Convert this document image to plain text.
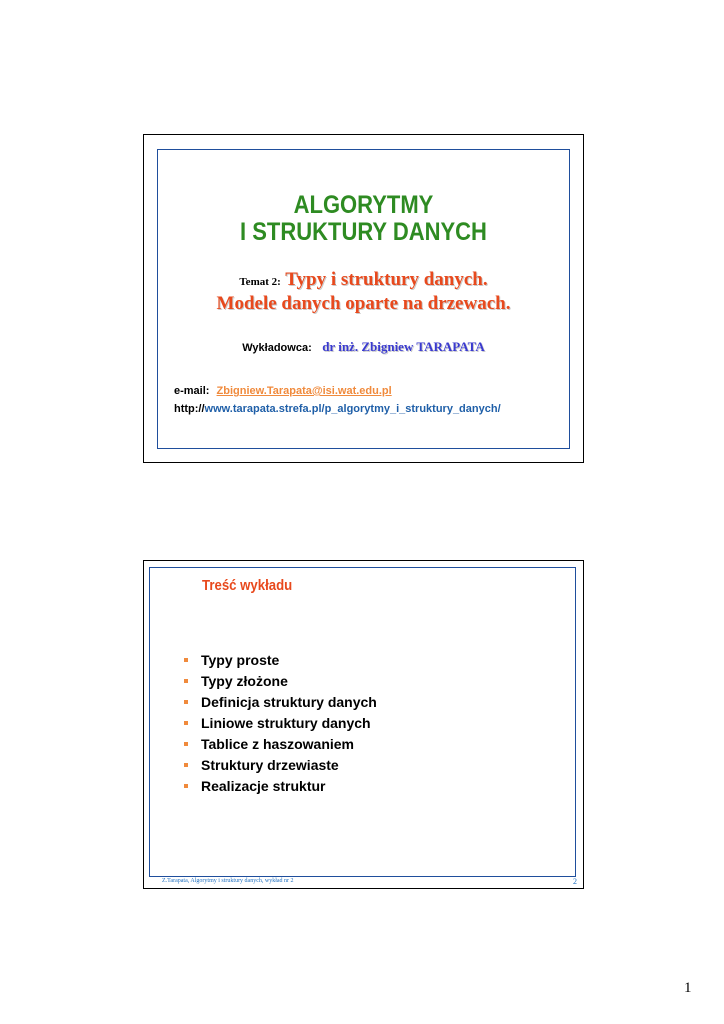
ALGORYTMY
I STRUKTURY DANYCH
Temat 2: Typy i struktury danych.
Modele danych oparte na drzewach.
Wykładowca: dr inż. Zbigniew TARAPATA
e-mail: Zbigniew.Tarapata@isi.wat.edu.pl
http://www.tarapata.strefa.pl/p_algorytmy_i_struktury_danych/
Treść wykładu
Typy proste
Typy złożone
Definicja struktury danych
Liniowe struktury danych
Tablice z haszowaniem
Struktury drzewiaste
Realizacje struktur
Z.Tarapata, Algorytmy i struktury danych, wykład nr 2	2
1
